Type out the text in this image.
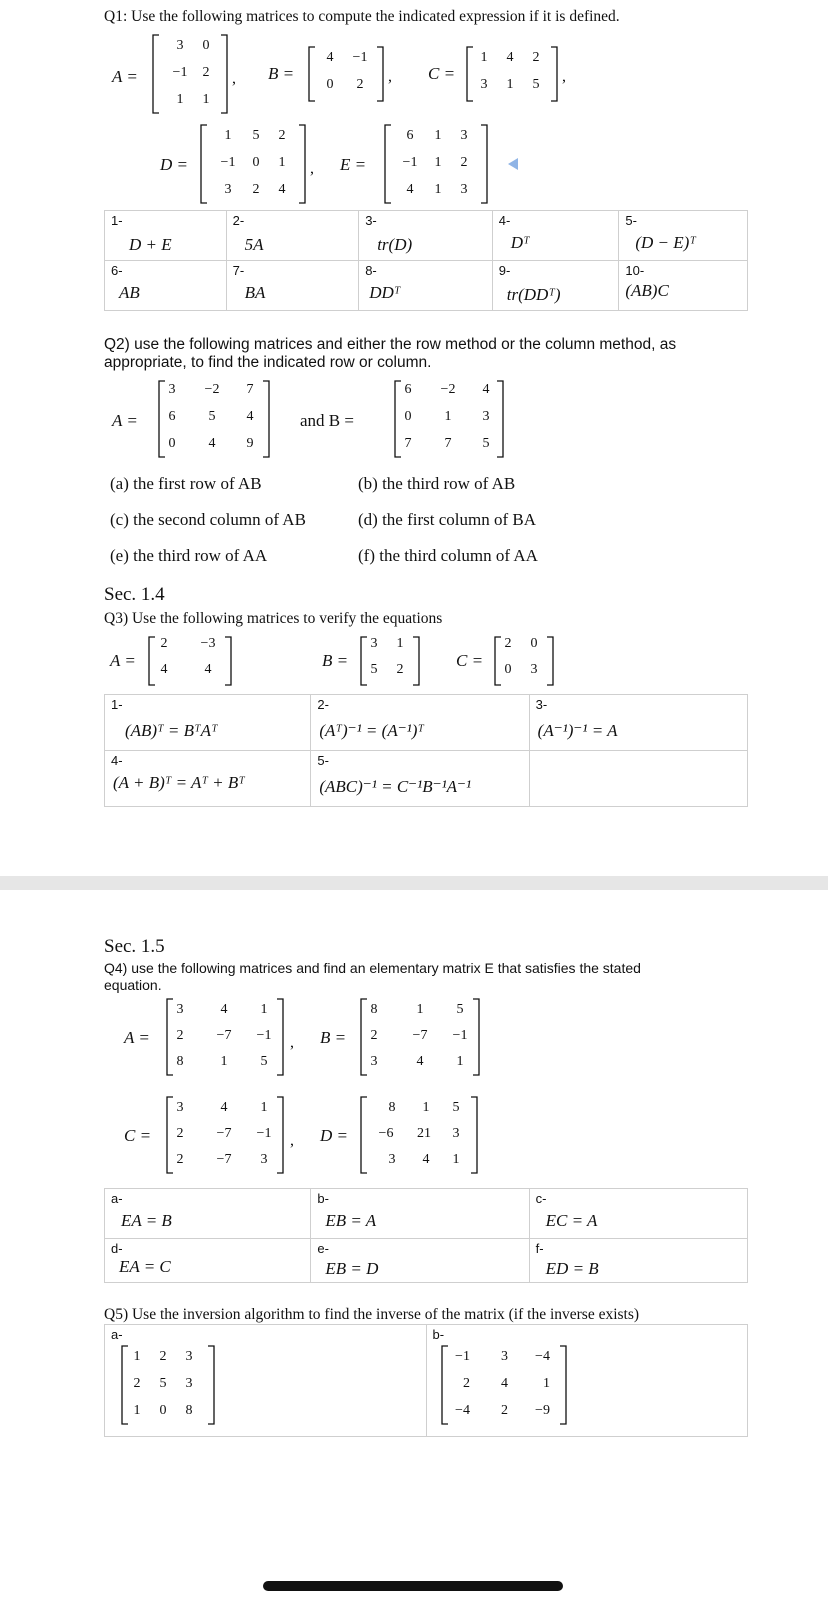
Q1: Use the following matrices to compute the indicated expression if it is defined.
A =
3	0
−1	2
1	1
, B =
4	−1
0	2	, C =
1	4	2
3	1	5	,
D =
1	5	2
−1	0	1
3	2	4
, E =
6	1	3
−1	1	2
4	1	3
1-
D + E	2-
5A	3-
tr(D)	4-
Dᵀ	5-
(D − E)ᵀ

6-
AB	7-
BA	8-
DDᵀ	9-
tr(DDᵀ)	10-
(AB)C
Q2) use the following matrices and either the row method or the column method, as
appropriate, to find the indicated row or column.
A =
3	−2	7
6	5	4
0	4	9
and B =
6	−2	4
0	1	3
7	7	5
(a) the first row of AB	(b) the third row of AB
(c) the second column of AB	(d) the first column of BA
(e) the third row of AA	(f) the third column of AA
Sec. 1.4
Q3) Use the following matrices to verify the equations
A =
2	−3
4	4	B =
3	1
5	2	C =
2	0
0	3
1-
(AB)ᵀ = BᵀAᵀ	2-
(Aᵀ)⁻¹ = (A⁻¹)ᵀ	3-
(A⁻¹)⁻¹ = A

4-
(A + B)ᵀ = Aᵀ + Bᵀ	5-
(ABC)⁻¹ = C⁻¹B⁻¹A⁻¹	

Sec. 1.5
Q4) use the following matrices and find an elementary matrix E that satisfies the stated
equation.
A =
3	4	1
2	−7	−1
8	1	5
, B =
8	1	5
2	−7	−1
3	4	1
C =
3	4	1
2	−7	−1
2	−7	3
, D =
8	1	5
−6	21	3
3	4	1
a-
EA = B	b-
EB = A	c-
EC = A

d-
EA = C	e-
EB = D	f-
ED = B
Q5) Use the inversion algorithm to find the inverse of the matrix (if the inverse exists)
a-
1	2	3
2	5	3
1	0	8

b-
−1	3	−4
2	4	1
−4	2	−9
